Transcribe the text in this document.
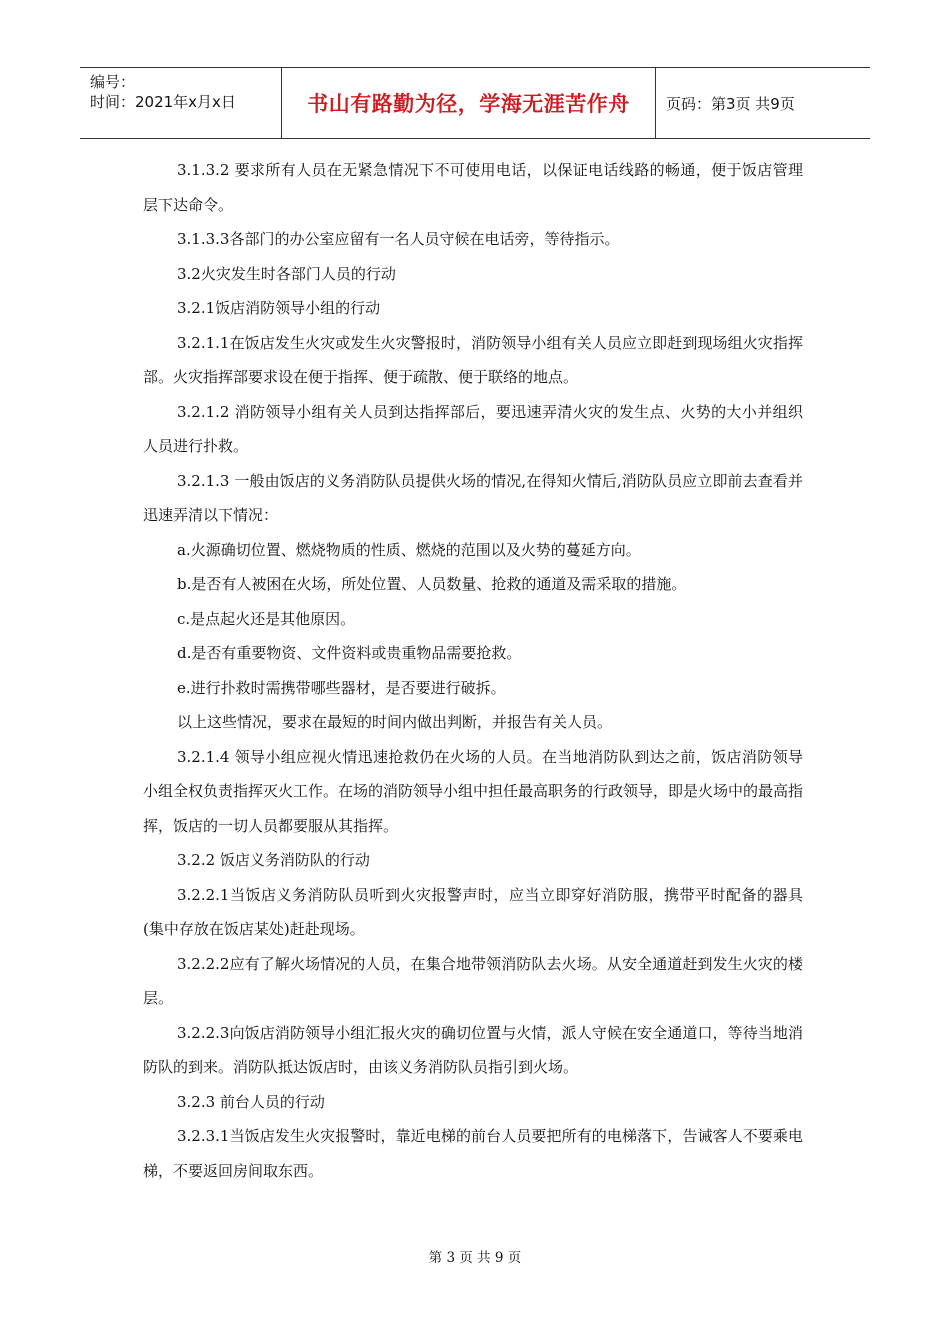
编号：
时间：2021年x月x日	书山有路勤为径，学海无涯苦作舟 页码：第3页 共9页

3.1.3.2 要求所有人员在无紧急情况下不可使用电话，以保证电话线路的畅通，便于饭店管理层下达命令。

3.1.3.3各部门的办公室应留有一名人员守候在电话旁，等待指示。

3.2火灾发生时各部门人员的行动

3.2.1饭店消防领导小组的行动

3.2.1.1在饭店发生火灾或发生火灾警报时，消防领导小组有关人员应立即赶到现场组火灾指挥部。火灾指挥部要求设在便于指挥、便于疏散、便于联络的地点。

3.2.1.2 消防领导小组有关人员到达指挥部后，要迅速弄清火灾的发生点、火势的大小并组织人员进行扑救。

3.2.1.3 一般由饭店的义务消防队员提供火场的情况,在得知火情后,消防队员应立即前去查看并迅速弄清以下情况：

a.火源确切位置、燃烧物质的性质、燃烧的范围以及火势的蔓延方向。

b.是否有人被困在火场，所处位置、人员数量、抢救的通道及需采取的措施。

c.是点起火还是其他原因。

d.是否有重要物资、文件资料或贵重物品需要抢救。

e.进行扑救时需携带哪些器材，是否要进行破拆。

以上这些情况，要求在最短的时间内做出判断，并报告有关人员。

3.2.1.4 领导小组应视火情迅速抢救仍在火场的人员。在当地消防队到达之前，饭店消防领导小组全权负责指挥灭火工作。在场的消防领导小组中担任最高职务的行政领导，即是火场中的最高指挥，饭店的一切人员都要服从其指挥。

3.2.2 饭店义务消防队的行动

3.2.2.1当饭店义务消防队员听到火灾报警声时，应当立即穿好消防服，携带平时配备的器具(集中存放在饭店某处)赶赴现场。

3.2.2.2应有了解火场情况的人员，在集合地带领消防队去火场。从安全通道赶到发生火灾的楼层。

3.2.2.3向饭店消防领导小组汇报火灾的确切位置与火情，派人守候在安全通道口，等待当地消防队的到来。消防队抵达饭店时，由该义务消防队员指引到火场。

3.2.3 前台人员的行动

3.2.3.1当饭店发生火灾报警时，靠近电梯的前台人员要把所有的电梯落下，告诫客人不要乘电梯，不要返回房间取东西。

第 3 页 共 9 页
